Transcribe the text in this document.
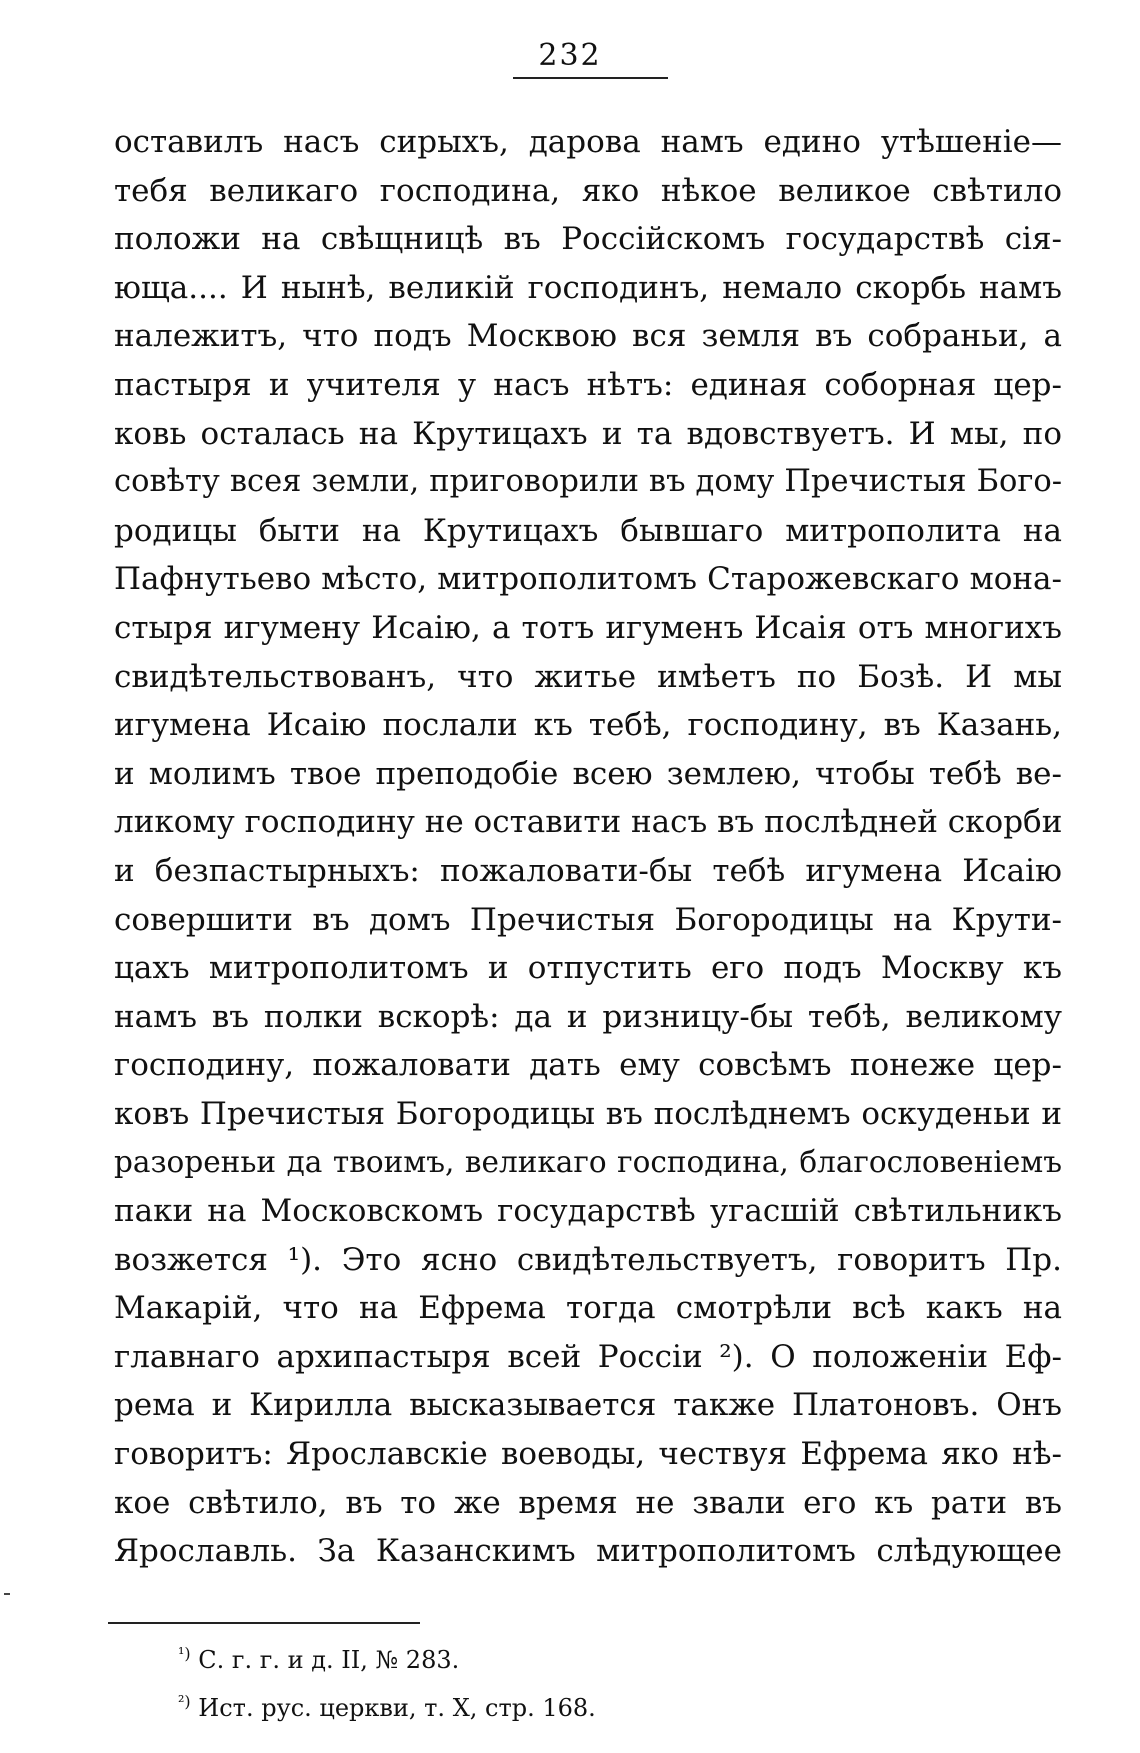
232
оставилъ насъ сирыхъ, дарова намъ едино утѣшеніе—
тебя великаго господина, яко нѣкое великое свѣтило
положи на свѣщницѣ въ Россійскомъ государствѣ сія-
юща.... И нынѣ, великій господинъ, немало скорбь намъ
належитъ, что подъ Москвою вся земля въ собраньи, а
пастыря и учителя у насъ нѣтъ: единая соборная цер-
ковь осталась на Крутицахъ и та вдовствуетъ. И мы, по
совѣту всея земли, приговорили въ дому Пречистыя Бого-
родицы быти на Крутицахъ бывшаго митрополита на
Пафнутьево мѣсто, митрополитомъ Старожевскаго мона-
стыря игумену Исаію, а тотъ игуменъ Исаія отъ многихъ
свидѣтельствованъ, что житье имѣетъ по Бозѣ. И мы
игумена Исаію послали къ тебѣ, господину, въ Казань,
и молимъ твое преподобіе всею землею, чтобы тебѣ ве-
ликому господину не оставити насъ въ послѣдней скорби
и безпастырныхъ: пожаловати-бы тебѣ игумена Исаію
совершити въ домъ Пречистыя Богородицы на Крути-
цахъ митрополитомъ и отпустить его подъ Москву къ
намъ въ полки вскорѣ: да и ризницу-бы тебѣ, великому
господину, пожаловати дать ему совсѣмъ понеже цер-
ковъ Пречистыя Богородицы въ послѣднемъ оскуденьи и
разореньи да твоимъ, великаго господина, благословеніемъ
паки на Московскомъ государствѣ угасшій свѣтильникъ
возжется ¹). Это ясно свидѣтельствуетъ, говоритъ Пр.
Макарій, что на Ефрема тогда смотрѣли всѣ какъ на
главнаго архипастыря всей Россіи ²). О положеніи Еф-
рема и Кирилла высказывается также Платоновъ. Онъ
говоритъ: Ярославскіе воеводы, чествуя Ефрема яко нѣ-
кое свѣтило, въ то же время не звали его къ рати въ
Ярославль. За Казанскимъ митрополитомъ слѣдующее
$^{^1)}$ С. г. г. и д. II, № 283.
$^{^2)}$ Ист. рус. церкви, т. X, стр. 168.
